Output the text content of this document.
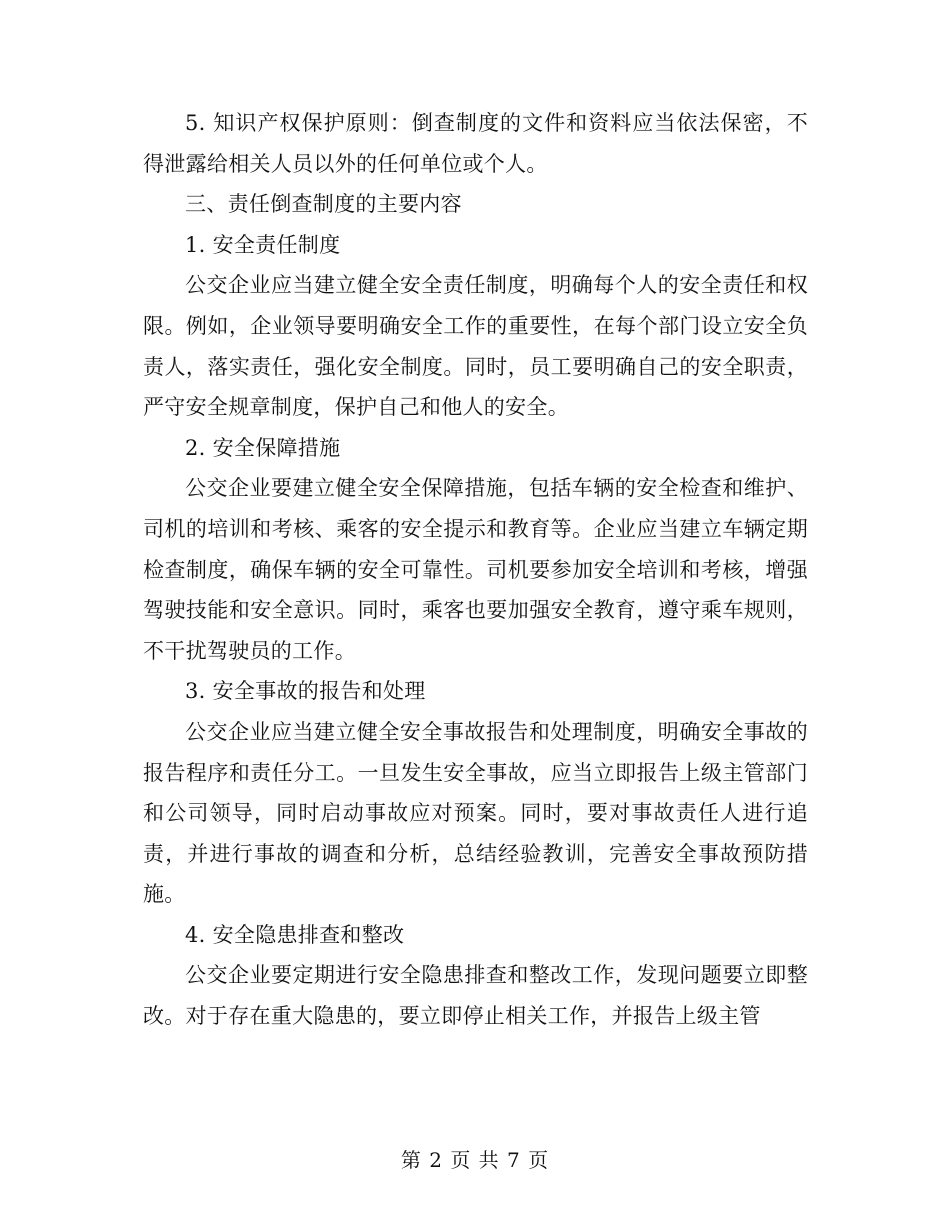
5. 知识产权保护原则：倒查制度的文件和资料应当依法保密，不得泄露给相关人员以外的任何单位或个人。

三、责任倒查制度的主要内容

1. 安全责任制度

公交企业应当建立健全安全责任制度，明确每个人的安全责任和权限。例如，企业领导要明确安全工作的重要性，在每个部门设立安全负责人，落实责任，强化安全制度。同时，员工要明确自己的安全职责，严守安全规章制度，保护自己和他人的安全。

2. 安全保障措施

公交企业要建立健全安全保障措施，包括车辆的安全检查和维护、司机的培训和考核、乘客的安全提示和教育等。企业应当建立车辆定期检查制度，确保车辆的安全可靠性。司机要参加安全培训和考核，增强驾驶技能和安全意识。同时，乘客也要加强安全教育，遵守乘车规则，不干扰驾驶员的工作。

3. 安全事故的报告和处理

公交企业应当建立健全安全事故报告和处理制度，明确安全事故的报告程序和责任分工。一旦发生安全事故，应当立即报告上级主管部门和公司领导，同时启动事故应对预案。同时，要对事故责任人进行追责，并进行事故的调查和分析，总结经验教训，完善安全事故预防措施。

4. 安全隐患排查和整改

公交企业要定期进行安全隐患排查和整改工作，发现问题要立即整改。对于存在重大隐患的，要立即停止相关工作，并报告上级主管

第 2 页 共 7 页
